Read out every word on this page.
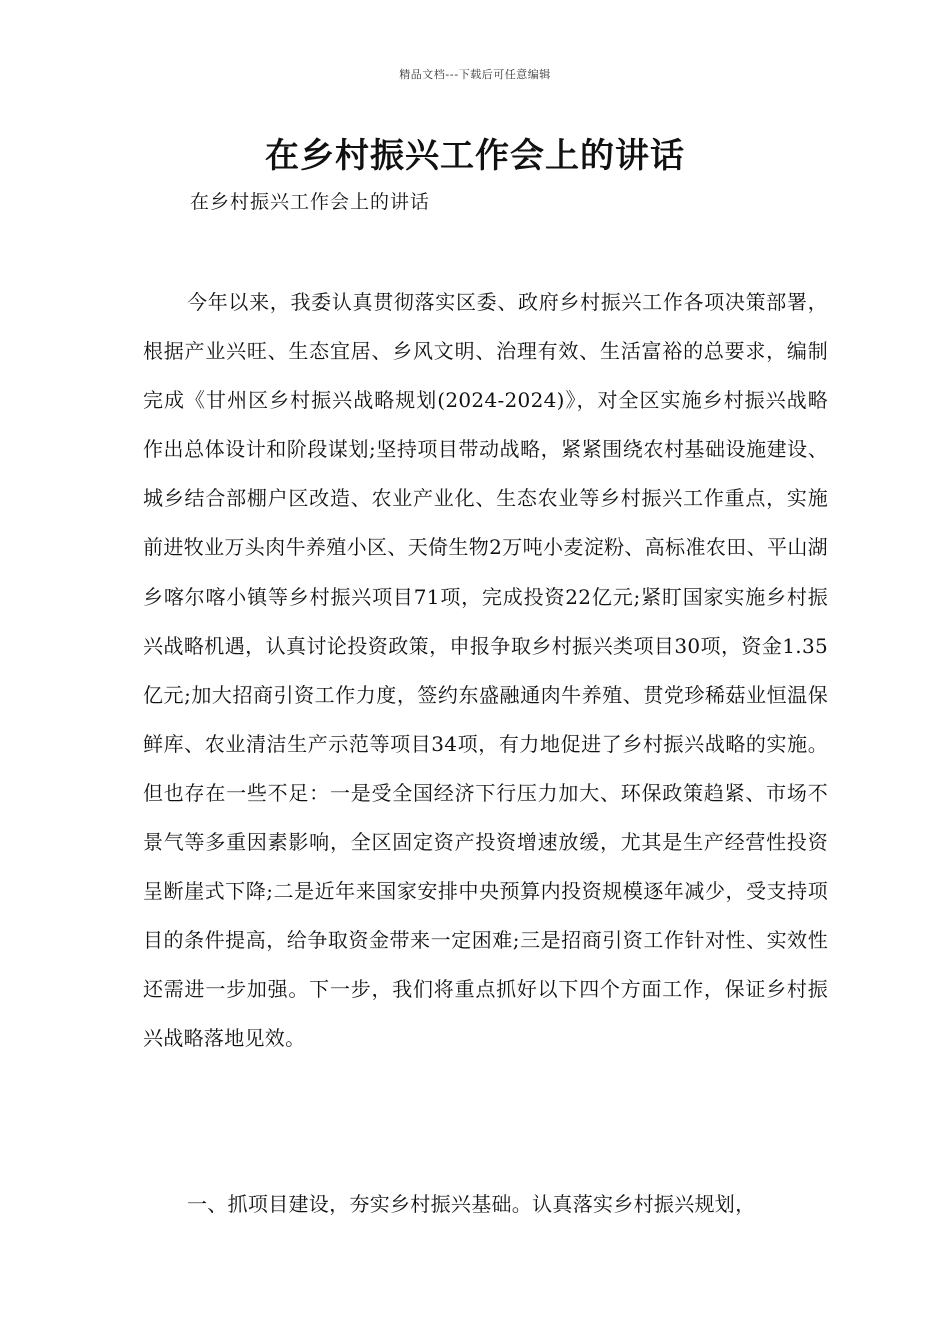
精品文档---下载后可任意编辑
在乡村振兴工作会上的讲话
在乡村振兴工作会上的讲话

今年以来，我委认真贯彻落实区委、政府乡村振兴工作各项决策部署，根据产业兴旺、生态宜居、乡风文明、治理有效、生活富裕的总要求，编制完成《甘州区乡村振兴战略规划(2024-2024)》，对全区实施乡村振兴战略作出总体设计和阶段谋划;坚持项目带动战略，紧紧围绕农村基础设施建设、城乡结合部棚户区改造、农业产业化、生态农业等乡村振兴工作重点，实施前进牧业万头肉牛养殖小区、天倚生物2万吨小麦淀粉、高标准农田、平山湖乡喀尔喀小镇等乡村振兴项目71项，完成投资22亿元;紧盯国家实施乡村振兴战略机遇，认真讨论投资政策，申报争取乡村振兴类项目30项，资金1.35亿元;加大招商引资工作力度，签约东盛融通肉牛养殖、贯党珍稀菇业恒温保鲜库、农业清洁生产示范等项目34项，有力地促进了乡村振兴战略的实施。但也存在一些不足：一是受全国经济下行压力加大、环保政策趋紧、市场不景气等多重因素影响，全区固定资产投资增速放缓，尤其是生产经营性投资呈断崖式下降;二是近年来国家安排中央预算内投资规模逐年减少，受支持项目的条件提高，给争取资金带来一定困难;三是招商引资工作针对性、实效性还需进一步加强。下一步，我们将重点抓好以下四个方面工作，保证乡村振兴战略落地见效。

一、抓项目建设，夯实乡村振兴基础。认真落实乡村振兴规划，
